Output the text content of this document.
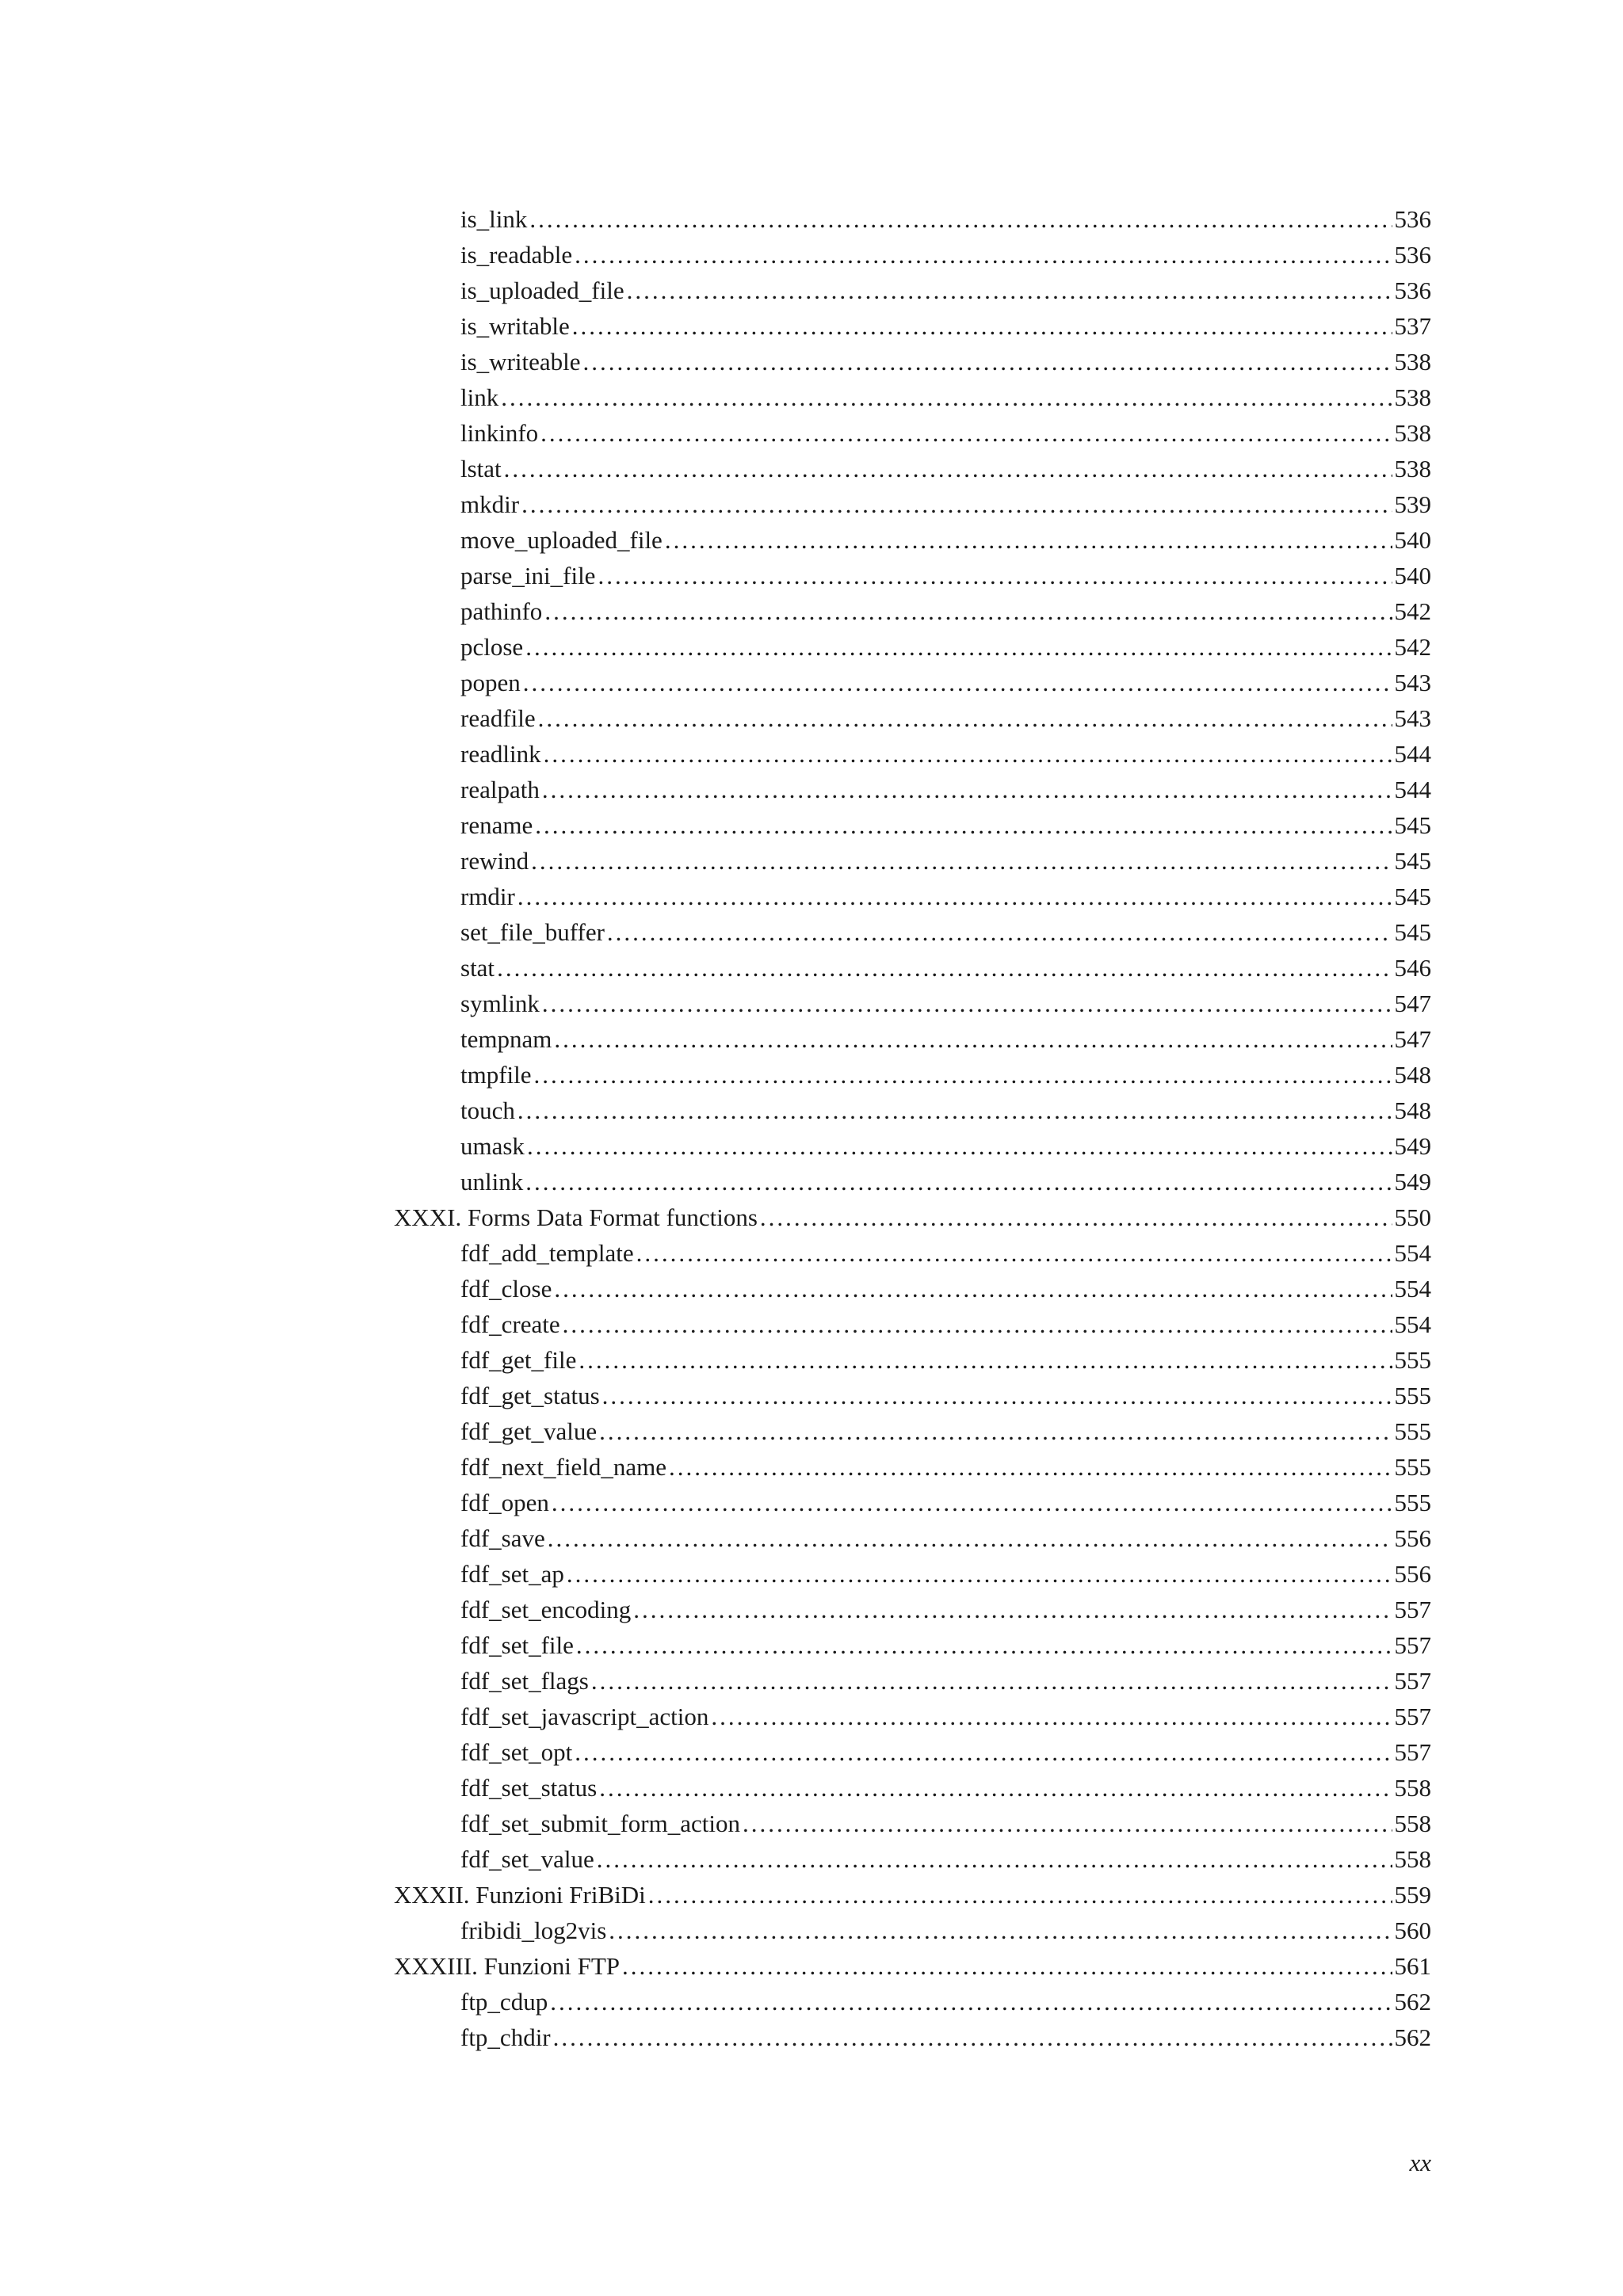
is_link .....	536
is_readable .....	536
is_uploaded_file .....	536
is_writable .....	537
is_writeable .....	538
link .....	538
linkinfo .....	538
lstat .....	538
mkdir .....	539
move_uploaded_file .....	540
parse_ini_file .....	540
pathinfo .....	542
pclose .....	542
popen .....	543
readfile .....	543
readlink .....	544
realpath .....	544
rename .....	545
rewind .....	545
rmdir .....	545
set_file_buffer .....	545
stat .....	546
symlink .....	547
tempnam .....	547
tmpfile .....	548
touch .....	548
umask .....	549
unlink .....	549
XXXI. Forms Data Format functions .....	550
fdf_add_template .....	554
fdf_close .....	554
fdf_create .....	554
fdf_get_file .....	555
fdf_get_status .....	555
fdf_get_value .....	555
fdf_next_field_name .....	555
fdf_open .....	555
fdf_save .....	556
fdf_set_ap .....	556
fdf_set_encoding .....	557
fdf_set_file .....	557
fdf_set_flags .....	557
fdf_set_javascript_action .....	557
fdf_set_opt .....	557
fdf_set_status .....	558
fdf_set_submit_form_action .....	558
fdf_set_value .....	558
XXXII. Funzioni FriBiDi .....	559
fribidi_log2vis .....	560
XXXIII. Funzioni FTP .....	561
ftp_cdup .....	562
ftp_chdir .....	562
xx
